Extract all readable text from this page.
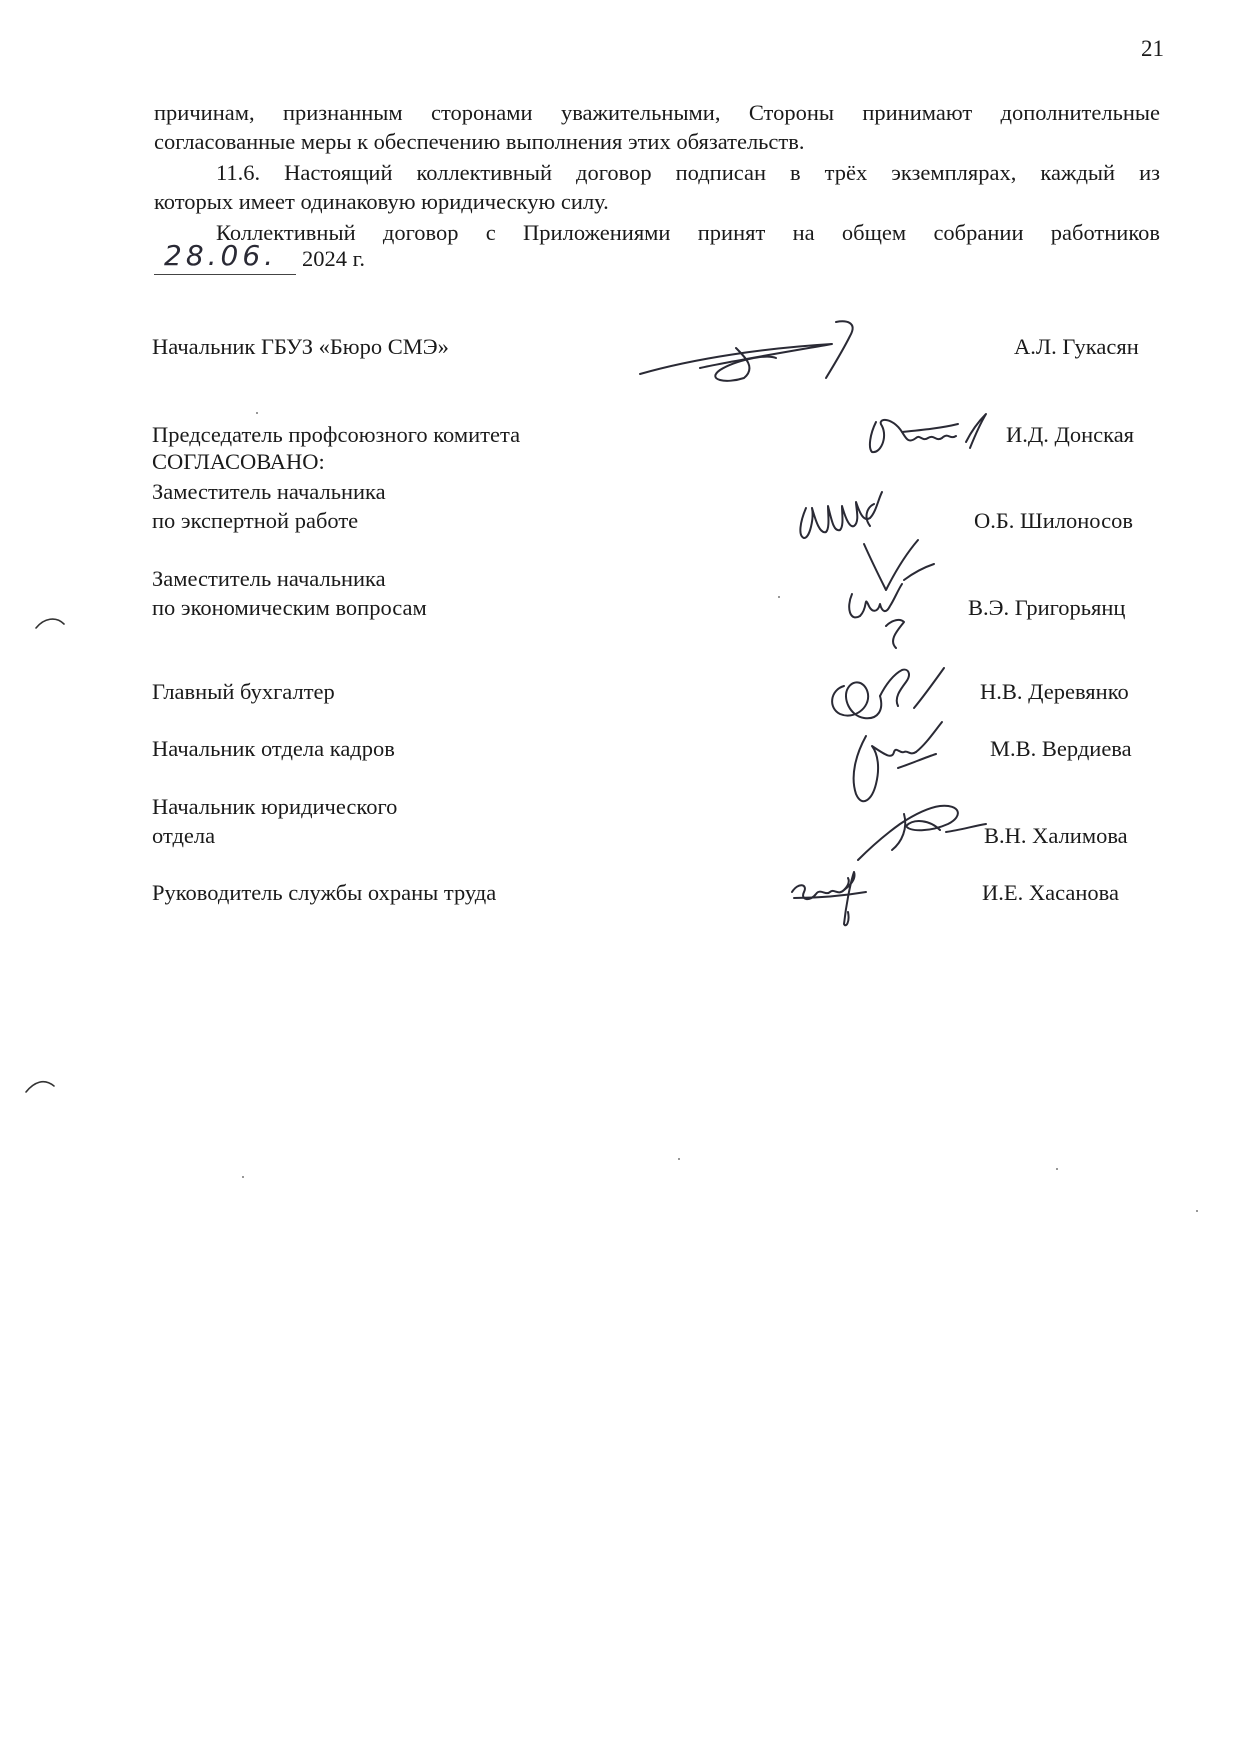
21
причинам, признанным сторонами уважительными, Стороны принимают дополнительные
согласованные меры к обеспечению выполнения этих обязательств.
11.6. Настоящий коллективный договор подписан в трёх экземплярах, каждый из
которых имеет одинаковую юридическую силу.
Коллективный договор с Приложениями принят на общем собрании работников
28.06. 2024 г.
Начальник ГБУЗ «Бюро СМЭ»	А.Л. Гукасян
Председатель профсоюзного комитета	И.Д. Донская
СОГЛАСОВАНО:
Заместитель начальника
по экспертной работе	О.Б. Шилоносов
Заместитель начальника
по экономическим вопросам	В.Э. Григорьянц
Главный бухгалтер	Н.В. Деревянко
Начальник отдела кадров	М.В. Вердиева
Начальник юридического
отдела	В.Н. Халимова
Руководитель службы охраны труда	И.Е. Хасанова
